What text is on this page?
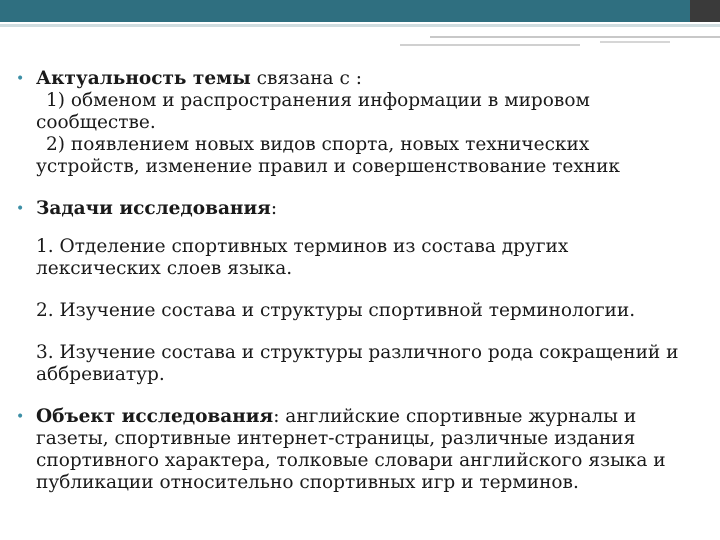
• Актуальность темы связана с :
1) обменом и распространения информации в мировом
сообществе.
2) появлением новых видов спорта, новых технических
устройств, изменение правил и совершенствование техник
• Задачи исследования:
1. Отделение спортивных терминов из состава других
лексических слоев языка.
2. Изучение состава и структуры спортивной терминологии.
3. Изучение состава и структуры различного рода сокращений и
аббревиатур.
• Объект исследования: английские спортивные журналы и
газеты, спортивные интернет-страницы, различные издания
спортивного характера, толковые словари английского языка и
публикации относительно спортивных игр и терминов.
